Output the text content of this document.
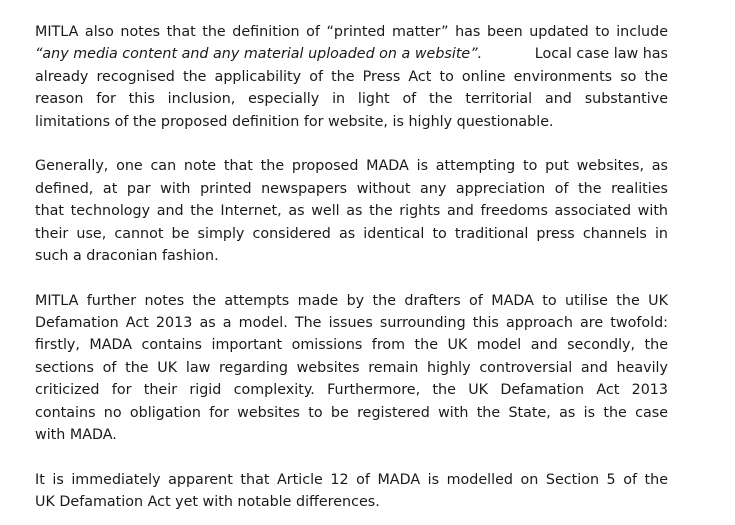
MITLA also notes that the definition of “printed matter” has been updated to include
“any media content and any material uploaded on a website”.	Local case law has
already recognised the applicability of the Press Act to online environments so the
reason for this inclusion, especially in light of the territorial and substantive
limitations of the proposed definition for website, is highly questionable.
Generally, one can note that the proposed MADA is attempting to put websites, as
defined, at par with printed newspapers without any appreciation of the realities
that technology and the Internet, as well as the rights and freedoms associated with
their use, cannot be simply considered as identical to traditional press channels in
such a draconian fashion.
MITLA further notes the attempts made by the drafters of MADA to utilise the UK
Defamation Act 2013 as a model. The issues surrounding this approach are twofold:
firstly, MADA contains important omissions from the UK model and secondly, the
sections of the UK law regarding websites remain highly controversial and heavily
criticized for their rigid complexity. Furthermore, the UK Defamation Act 2013
contains no obligation for websites to be registered with the State, as is the case
with MADA.
It is immediately apparent that Article 12 of MADA is modelled on Section 5 of the
UK Defamation Act yet with notable differences.
